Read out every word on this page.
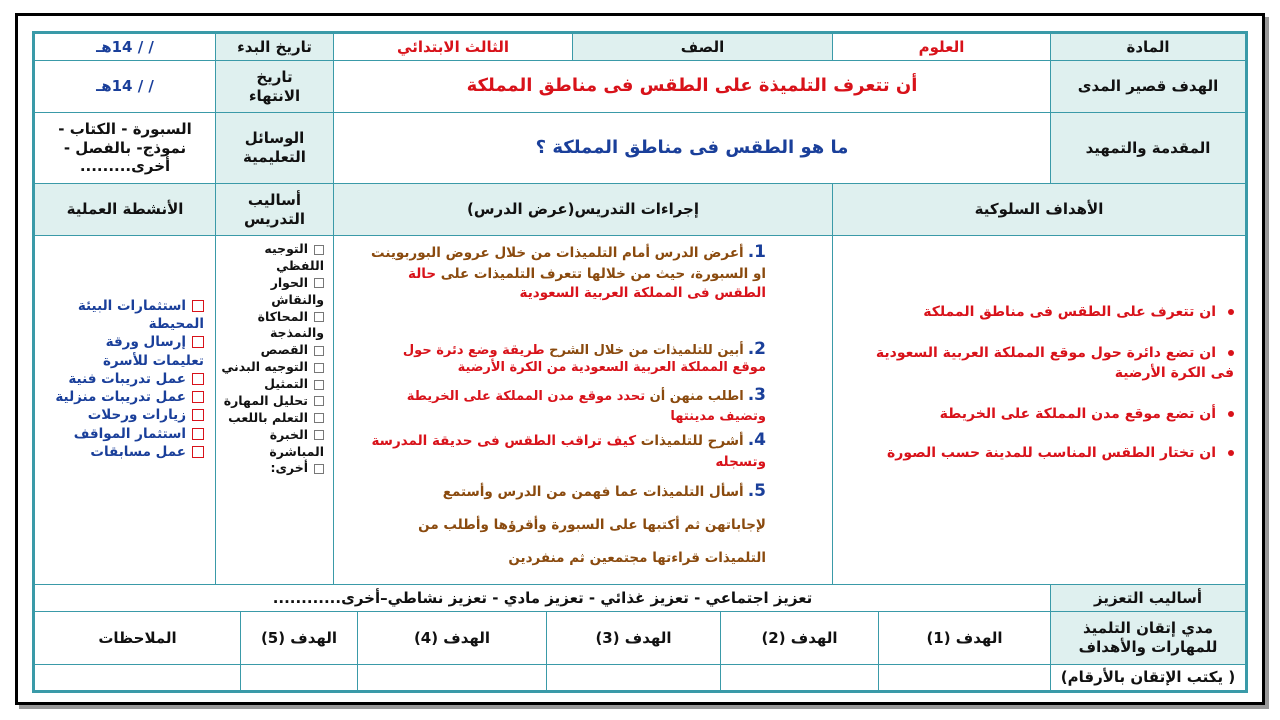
المادة
العلوم
الصف
الثالث الابتدائي
تاريخ البدء
/ / 14هـ
الهدف قصير المدى
أن تتعرف التلميذة على الطقس فى مناطق المملكة
تاريخ الانتهاء
/ / 14هـ
المقدمة والتمهيد
ما هو الطقس فى مناطق المملكة ؟
الوسائل التعليمية
السبورة - الكتاب - نموذج- بالفصل - أخرى.........
الأهداف السلوكية
إجراءات التدريس(عرض الدرس)
أساليب التدريس
الأنشطة العملية
ان تتعرف على الطقس فى مناطق المملكة
ان تضع دائرة حول موقع المملكة العربية السعودية فى الكرة الأرضية
أن تضع موقع مدن المملكة على الخريطة
ان تختار الطقس المناسب للمدينة حسب الصورة
1.أعرض الدرس أمام التلميذات من خلال عروض البوربوينت او السبورة، حيث من خلالها تتعرف التلميذات على حالة الطقس فى المملكة العربية السعودية
2.أبين للتلميذات من خلال الشرح طريقة وضع دئرة حول موقع المملكة العربية السعودية من الكرة الأرضية
3.اطلب منهن أن تحدد موقع مدن المملكة على الخريطة وتضيف مدينتها
4.أشرح للتلميذات كيف تراقب الطقس فى حديقة المدرسة وتسجله
5.أسأل التلميذات عما فهمن من الدرس وأستمع
لإجاباتهن ثم أكتبها على السبورة وأقرؤها وأطلب من
التلميذات قراءتها مجتمعين ثم منفردين
التوجيه اللفظي
الحوار والنقاش
المحاكاة والنمذجة
القصص
التوجيه البدني
التمثيل
تحليل المهارة
التعلم باللعب
الخبرة المباشرة
أخرى:
استثمارات البيئة المحيطة
إرسال ورقة تعليمات للأسرة
عمل تدريبات فنية
عمل تدريبات منزلية
زيارات ورحلات
استثمار المواقف
عمل مسابقات
أساليب التعزيز
تعزيز اجتماعي - تعزيز غذائي - تعزيز مادي - تعزيز نشاطي–أخرى............
مدي إتقان التلميذ للمهارات والأهداف
الهدف (1)
الهدف (2)
الهدف (3)
الهدف (4)
الهدف (5)
الملاحظات
( يكتب الإتقان بالأرقام)
